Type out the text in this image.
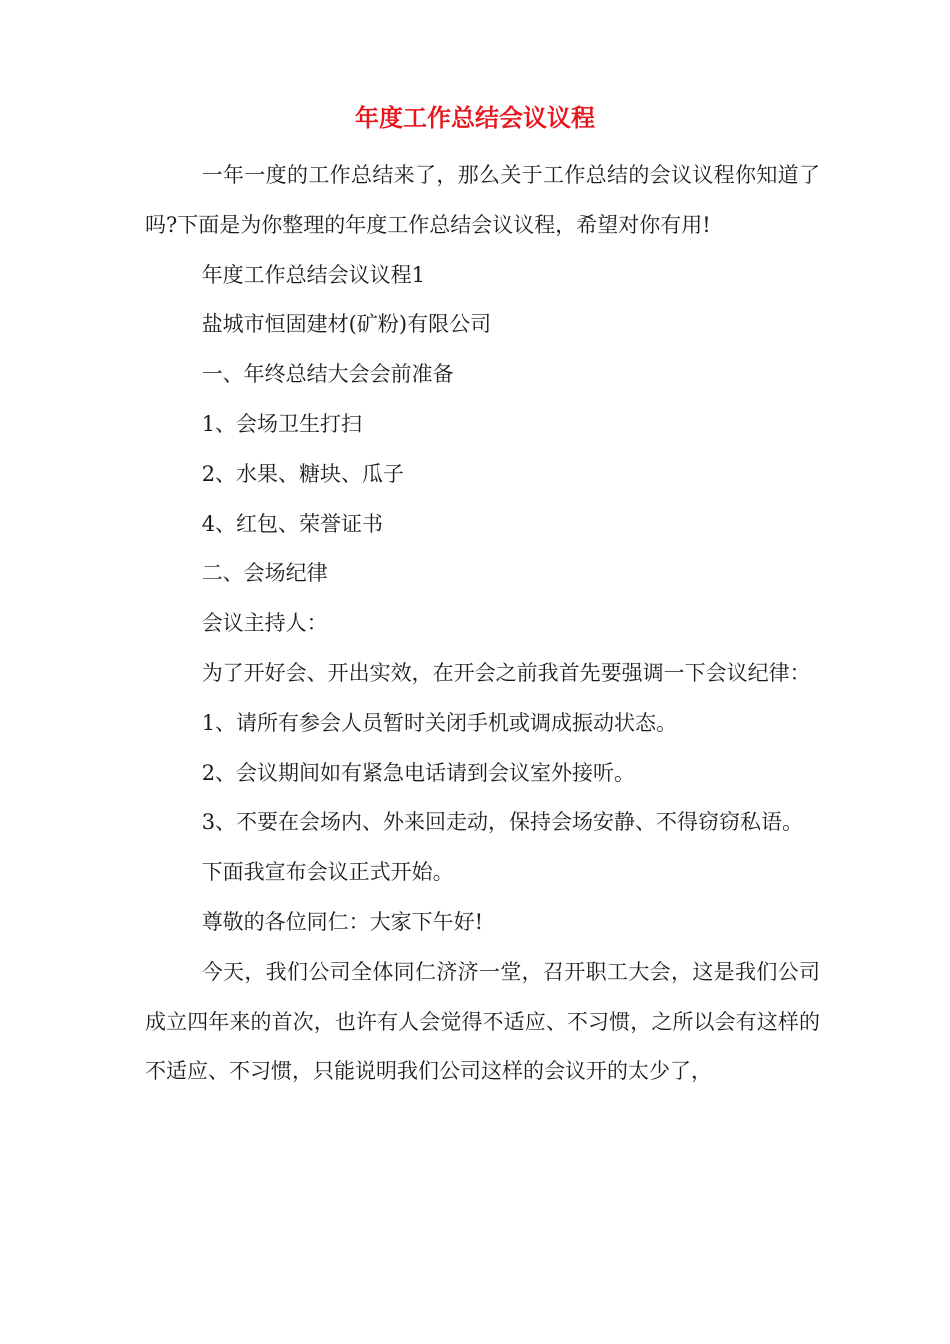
年度工作总结会议议程

一年一度的工作总结来了，那么关于工作总结的会议议程你知道了吗?下面是为你整理的年度工作总结会议议程，希望对你有用!

年度工作总结会议议程1

盐城市恒固建材(矿粉)有限公司

一、年终总结大会会前准备

1、会场卫生打扫

2、水果、糖块、瓜子

4、红包、荣誉证书

二、会场纪律

会议主持人：

为了开好会、开出实效，在开会之前我首先要强调一下会议纪律：

1、请所有参会人员暂时关闭手机或调成振动状态。

2、会议期间如有紧急电话请到会议室外接听。

3、不要在会场内、外来回走动，保持会场安静、不得窃窃私语。

下面我宣布会议正式开始。

尊敬的各位同仁：大家下午好!

今天，我们公司全体同仁济济一堂，召开职工大会，这是我们公司成立四年来的首次，也许有人会觉得不适应、不习惯，之所以会有这样的不适应、不习惯，只能说明我们公司这样的会议开的太少了，
